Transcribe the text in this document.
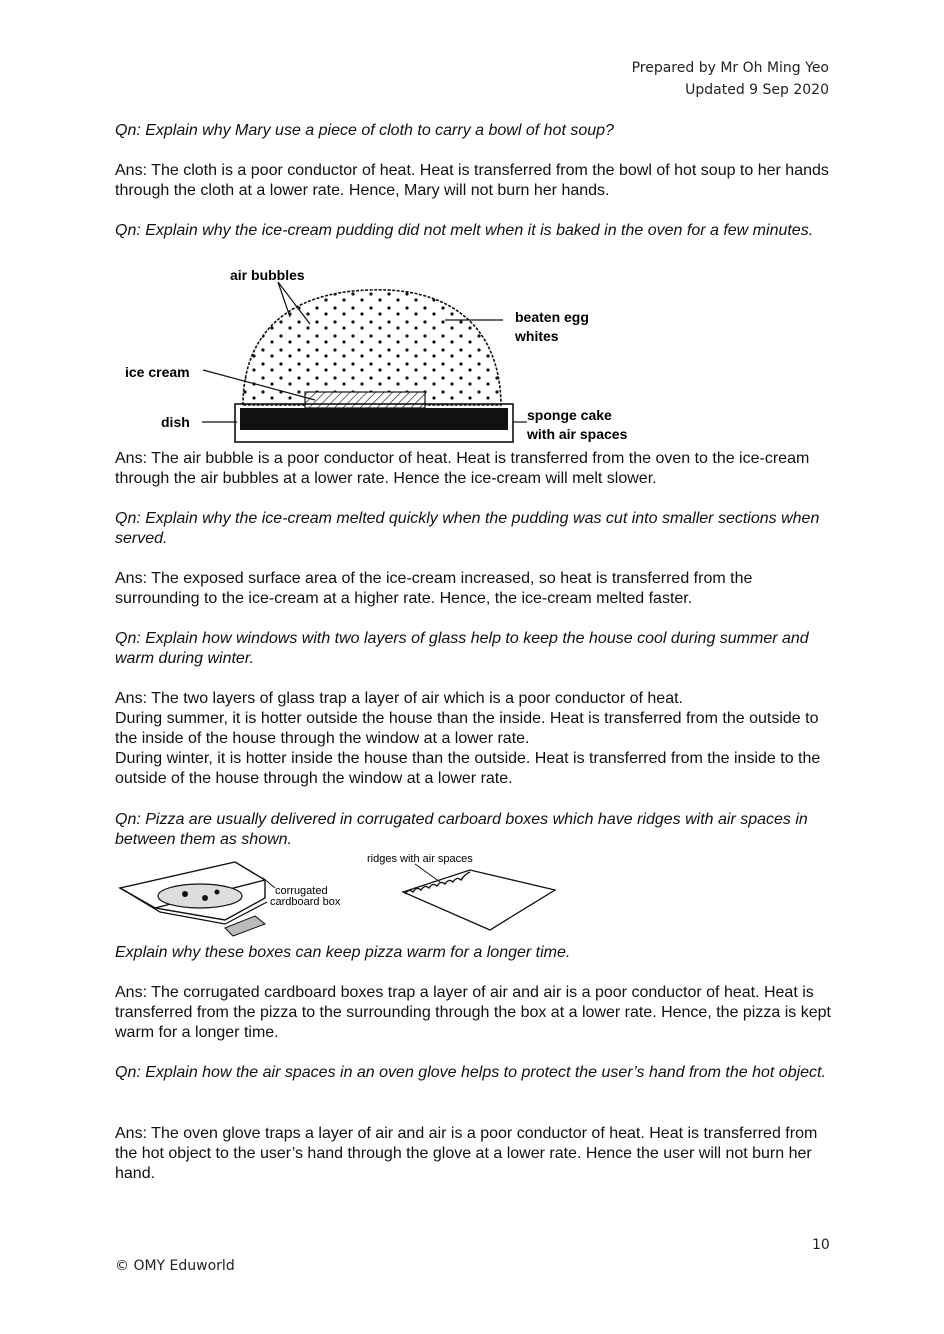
Prepared by Mr Oh Ming Yeo
Updated 9 Sep 2020
Qn: Explain why Mary use a piece of cloth to carry a bowl of hot soup?
Ans: The cloth is a poor conductor of heat. Heat is transferred from the bowl of hot soup to her hands through the cloth at a lower rate. Hence, Mary will not burn her hands.
Qn: Explain why the ice-cream pudding did not melt when it is baked in the oven for a few minutes.
air bubbles
beaten egg
whites
ice cream
dish	sponge cake
with air spaces
Ans: The air bubble is a poor conductor of heat. Heat is transferred from the oven to the ice-cream through the air bubbles at a lower rate. Hence the ice-cream will melt slower.
Qn: Explain why the ice-cream melted quickly when the pudding was cut into smaller sections when served.
Ans: The exposed surface area of the ice-cream increased, so heat is transferred from the surrounding to the ice-cream at a higher rate. Hence, the ice-cream melted faster.
Qn: Explain how windows with two layers of glass help to keep the house cool during summer and warm during winter.
Ans: The two layers of glass trap a layer of air which is a poor conductor of heat.
During summer, it is hotter outside the house than the inside. Heat is transferred from the outside to the inside of the house through the window at a lower rate.
During winter, it is hotter inside the house than the outside. Heat is transferred from the inside to the outside of the house through the window at a lower rate.
Qn: Pizza are usually delivered in corrugated carboard boxes which have ridges with air spaces in between them as shown.
corrugated
cardboard box
ridges with air spaces
Explain why these boxes can keep pizza warm for a longer time.
Ans: The corrugated cardboard boxes trap a layer of air and air is a poor conductor of heat. Heat is transferred from the pizza to the surrounding through the box at a lower rate. Hence, the pizza is kept warm for a longer time.
Qn: Explain how the air spaces in an oven glove helps to protect the user’s hand from the hot object.
Ans: The oven glove traps a layer of air and air is a poor conductor of heat. Heat is transferred from the hot object to the user’s hand through the glove at a lower rate. Hence the user will not burn her hand.
10
© OMY Eduworld
